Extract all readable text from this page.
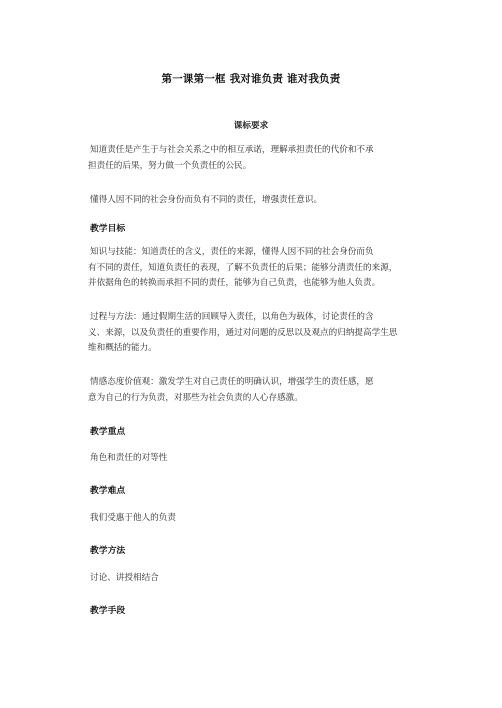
第一课第一框 我对谁负责 谁对我负责
课标要求
知道责任是产生于与社会关系之中的相互承诺，理解承担责任的代价和不承
担责任的后果，努力做一个负责任的公民。
懂得人因不同的社会身份而负有不同的责任，增强责任意识。
教学目标
知识与技能：知道责任的含义，责任的来源，懂得人因不同的社会身份而负
有不同的责任，知道负责任的表现，了解不负责任的后果；能够分清责任的来源，
并依据角色的转换而承担不同的责任，能够为自己负责，也能够为他人负责。
过程与方法：通过假期生活的回顾导入责任，以角色为载体，讨论责任的含
义、来源，以及负责任的重要作用，通过对问题的反思以及观点的归纳提高学生思
维和概括的能力。
情感态度价值观：激发学生对自己责任的明确认识，增强学生的责任感，愿
意为自己的行为负责，对那些为社会负责的人心存感激。
教学重点
角色和责任的对等性
教学难点
我们受惠于他人的负责
教学方法
讨论、讲授相结合
教学手段
